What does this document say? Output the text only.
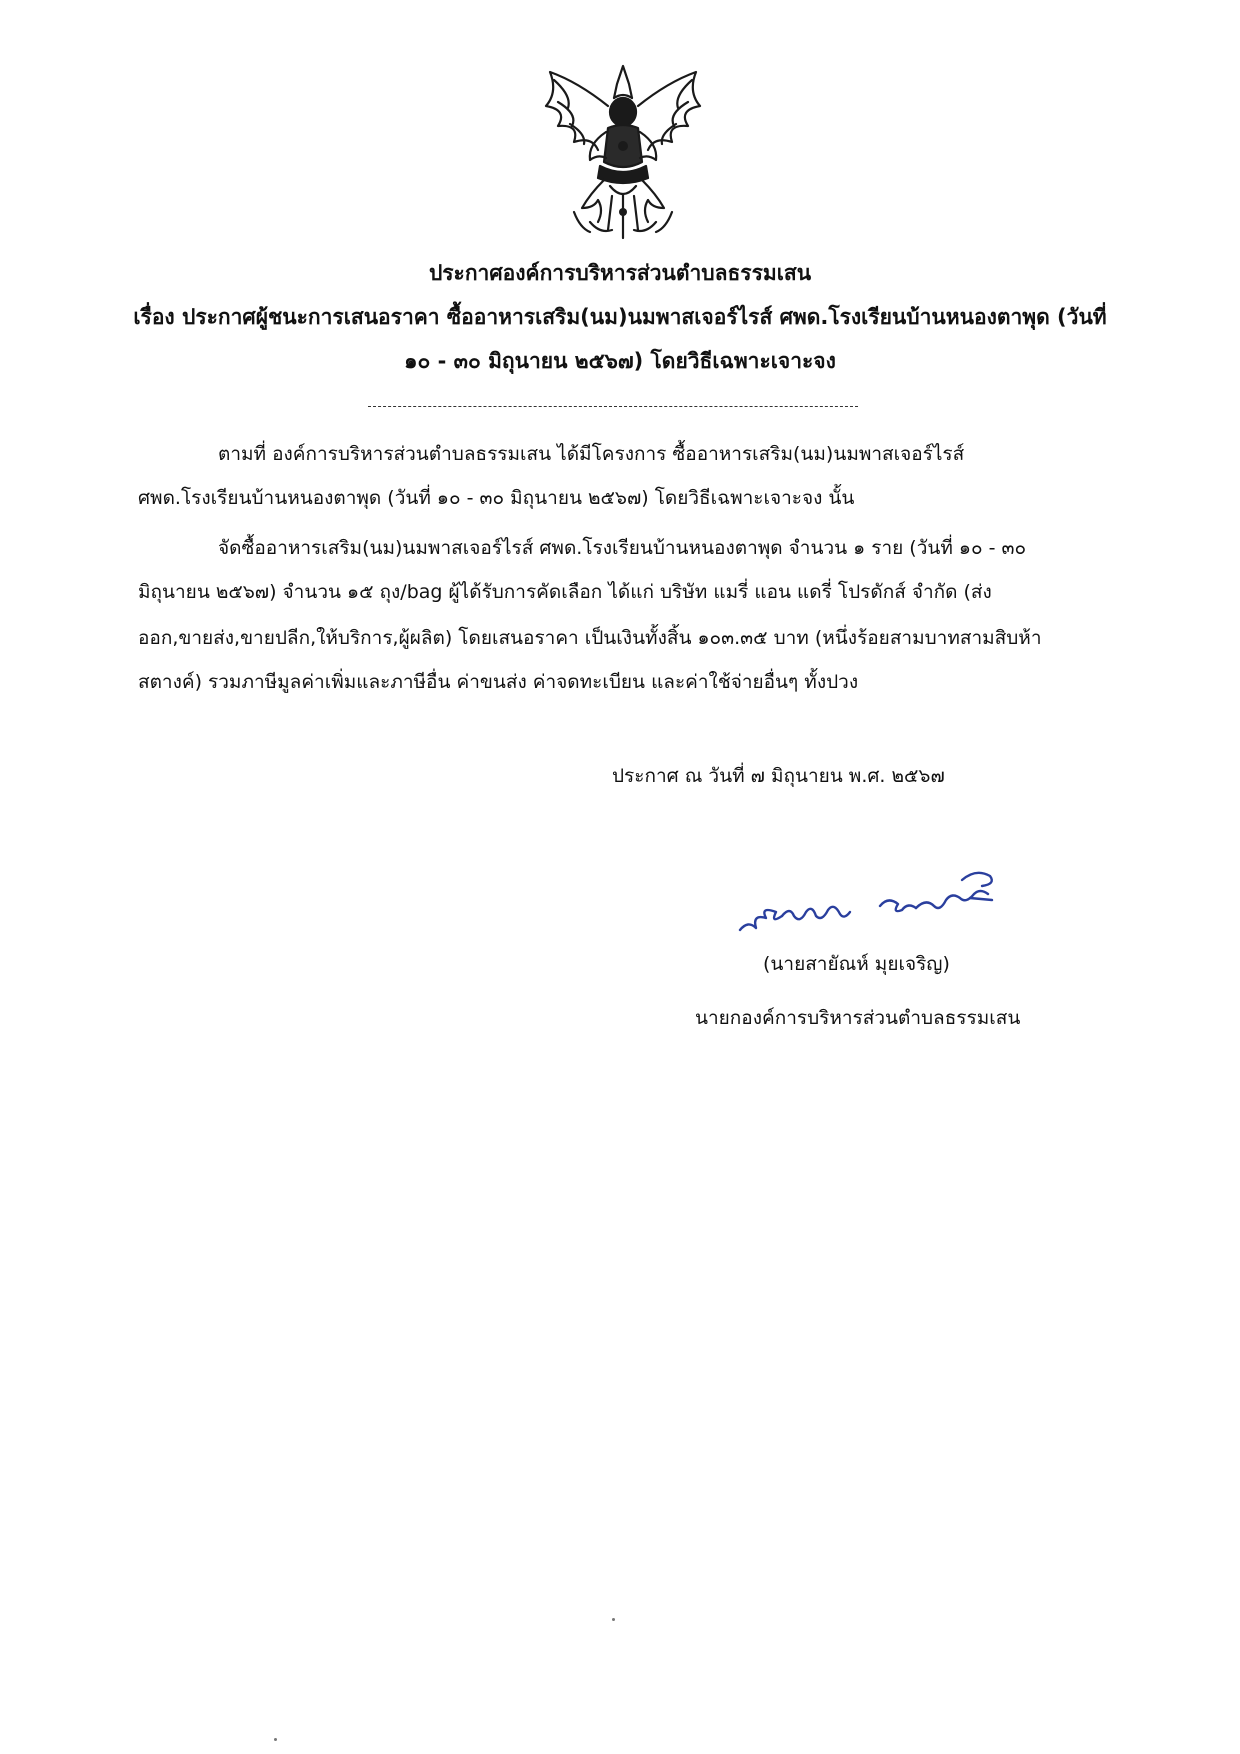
ประกาศองค์การบริหารส่วนตำบลธรรมเสน
เรื่อง ประกาศผู้ชนะการเสนอราคา ซื้ออาหารเสริม(นม)นมพาสเจอร์ไรส์ ศพด.โรงเรียนบ้านหนองตาพุด (วันที่
๑๐ - ๓๐ มิถุนายน ๒๕๖๗) โดยวิธีเฉพาะเจาะจง
ตามที่ องค์การบริหารส่วนตำบลธรรมเสน ได้มีโครงการ ซื้ออาหารเสริม(นม)นมพาสเจอร์ไรส์
ศพด.โรงเรียนบ้านหนองตาพุด (วันที่ ๑๐ - ๓๐ มิถุนายน ๒๕๖๗) โดยวิธีเฉพาะเจาะจง นั้น
จัดซื้ออาหารเสริม(นม)นมพาสเจอร์ไรส์ ศพด.โรงเรียนบ้านหนองตาพุด จำนวน ๑ ราย (วันที่ ๑๐ - ๓๐
มิถุนายน ๒๕๖๗) จำนวน ๑๕ ถุง/bag ผู้ได้รับการคัดเลือก ได้แก่ บริษัท แมรี่ แอน แดรี่ โปรดักส์ จำกัด (ส่ง
ออก,ขายส่ง,ขายปลีก,ให้บริการ,ผู้ผลิต) โดยเสนอราคา เป็นเงินทั้งสิ้น ๑๐๓.๓๕ บาท (หนึ่งร้อยสามบาทสามสิบห้า
สตางค์) รวมภาษีมูลค่าเพิ่มและภาษีอื่น ค่าขนส่ง ค่าจดทะเบียน และค่าใช้จ่ายอื่นๆ ทั้งปวง
ประกาศ ณ วันที่ ๗ มิถุนายน พ.ศ. ๒๕๖๗
(นายสายัณห์ มุยเจริญ)
นายกองค์การบริหารส่วนตำบลธรรมเสน
